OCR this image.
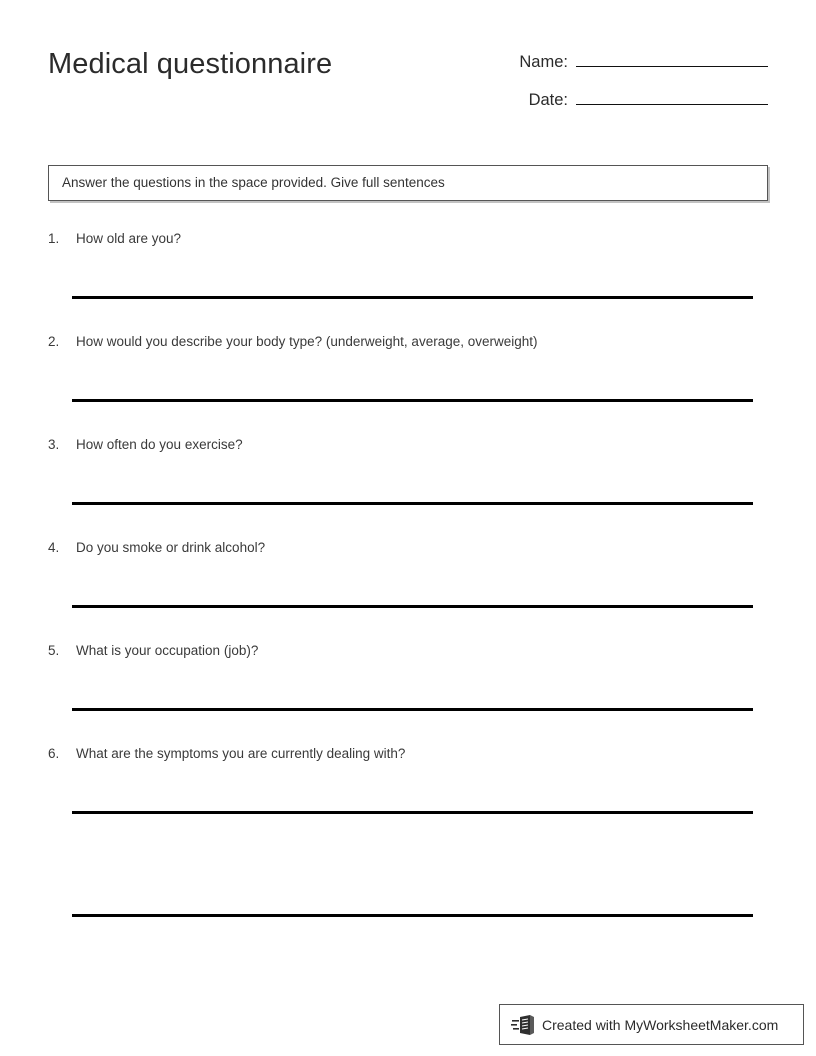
Medical questionnaire	Name:
Date:
Answer the questions in the space provided. Give full sentences
1.	How old are you?
2.	How would you describe your body type? (underweight, average, overweight)
3.	How often do you exercise?
4.	Do you smoke or drink alcohol?
5.	What is your occupation (job)?
6.	What are the symptoms you are currently dealing with?
Created with MyWorksheetMaker.com
